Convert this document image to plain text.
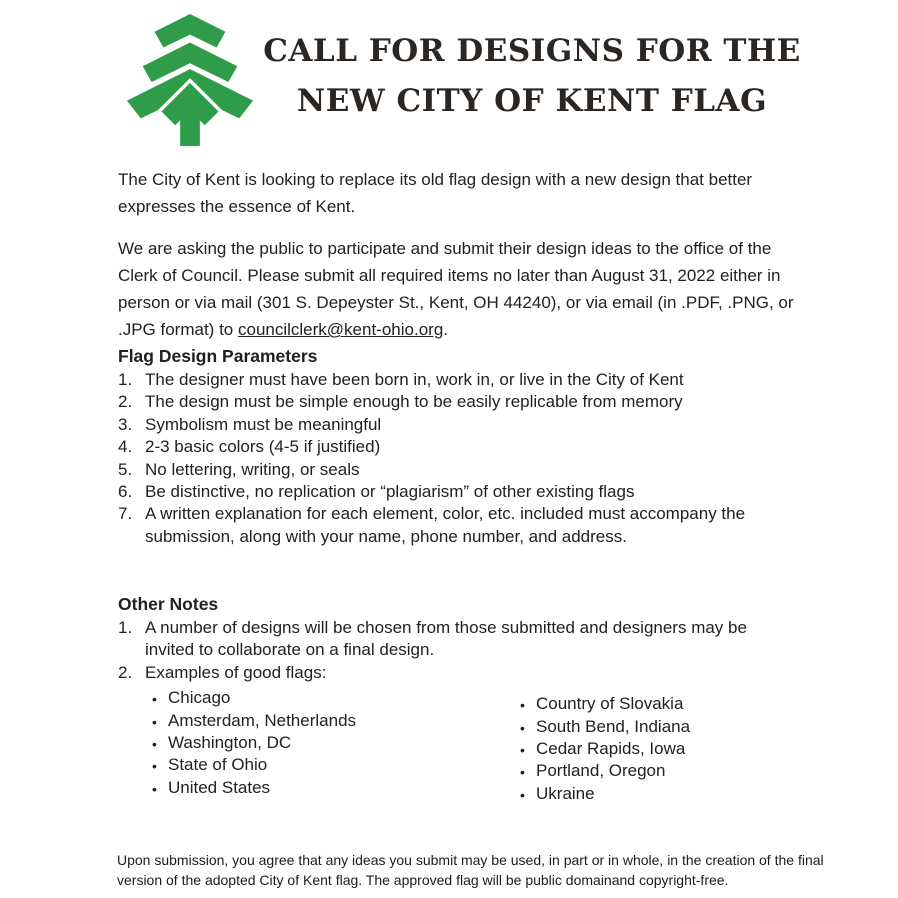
CALL FOR DESIGNS FOR THE
NEW CITY OF KENT FLAG
The City of Kent is looking to replace its old flag design with a new design that better
expresses the essence of Kent.
We are asking the public to participate and submit their design ideas to the office of the
Clerk of Council. Please submit all required items no later than August 31, 2022 either in
person or via mail (301 S. Depeyster St., Kent, OH 44240), or via email (in .PDF, .PNG, or
.JPG format) to councilclerk@kent-ohio.org.
Flag Design Parameters
The designer must have been born in, work in, or live in the City of Kent
The design must be simple enough to be easily replicable from memory
Symbolism must be meaningful
2-3 basic colors (4-5 if justified)
No lettering, writing, or seals
Be distinctive, no replication or “plagiarism” of other existing flags
A written explanation for each element, color, etc. included must accompany the submission, along with your name, phone number, and address.
Other Notes
A number of designs will be chosen from those submitted and designers may be invited to collaborate on a final design.
Examples of good flags:
•
Chicago
•
Amsterdam, Netherlands
•
Washington, DC
•
State of Ohio
•
United States
•
Country of Slovakia
•
South Bend, Indiana
•
Cedar Rapids, Iowa
•
Portland, Oregon
•
Ukraine
Upon submission, you agree that any ideas you submit may be used, in part or in whole, in the creation of the final
version of the adopted City of Kent flag. The approved flag will be public domainand copyright-free.
